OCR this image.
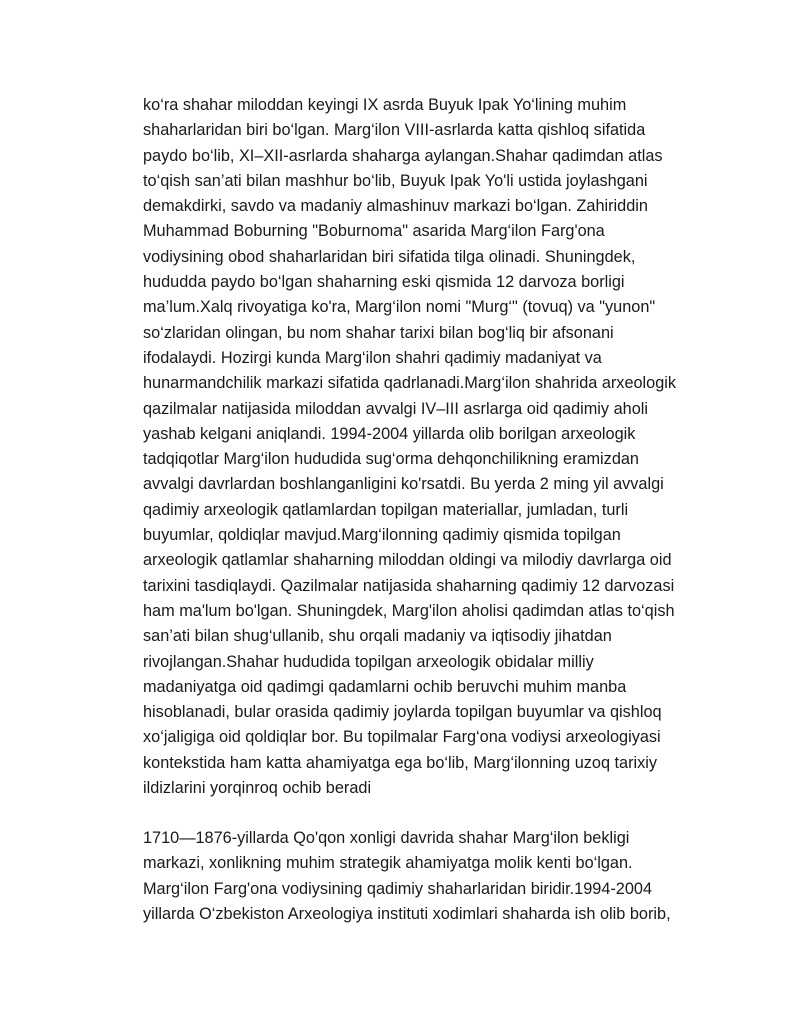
ko‘ra shahar miloddan keyingi IX asrda Buyuk Ipak Yo‘lining muhim
shaharlaridan biri bo‘lgan. Marg‘ilon VIII-asrlarda katta qishloq sifatida
paydo bo‘lib, XI–XII-asrlarda shaharga aylangan.Shahar qadimdan atlas
to‘qish san’ati bilan mashhur bo‘lib, Buyuk Ipak Yo'li ustida joylashgani
demakdirki, savdo va madaniy almashinuv markazi bo‘lgan. Zahiriddin
Muhammad Boburning "Boburnoma" asarida Marg‘ilon Farg'ona
vodiysining obod shaharlaridan biri sifatida tilga olinadi. Shuningdek,
hududda paydo bo‘lgan shaharning eski qismida 12 darvoza borligi
ma’lum.Xalq rivoyatiga ko'ra, Marg‘ilon nomi "Murg‘" (tovuq) va "yunon"
so‘zlaridan olingan, bu nom shahar tarixi bilan bog‘liq bir afsonani
ifodalaydi. Hozirgi kunda Marg‘ilon shahri qadimiy madaniyat va
hunarmandchilik markazi sifatida qadrlanadi.Marg‘ilon shahrida arxeologik
qazilmalar natijasida miloddan avvalgi IV–III asrlarga oid qadimiy aholi
yashab kelgani aniqlandi. 1994-2004 yillarda olib borilgan arxeologik
tadqiqotlar Marg‘ilon hududida sug‘orma dehqonchilikning eramizdan
avvalgi davrlardan boshlanganligini ko'rsatdi. Bu yerda 2 ming yil avvalgi
qadimiy arxeologik qatlamlardan topilgan materiallar, jumladan, turli
buyumlar, qoldiqlar mavjud.Marg‘ilonning qadimiy qismida topilgan
arxeologik qatlamlar shaharning miloddan oldingi va milodiy davrlarga oid
tarixini tasdiqlaydi. Qazilmalar natijasida shaharning qadimiy 12 darvozasi
ham ma'lum bo'lgan. Shuningdek, Marg'ilon aholisi qadimdan atlas to‘qish
san’ati bilan shug‘ullanib, shu orqali madaniy va iqtisodiy jihatdan
rivojlangan.Shahar hududida topilgan arxeologik obidalar milliy
madaniyatga oid qadimgi qadamlarni ochib beruvchi muhim manba
hisoblanadi, bular orasida qadimiy joylarda topilgan buyumlar va qishloq
xo‘jaligiga oid qoldiqlar bor. Bu topilmalar Farg‘ona vodiysi arxeologiyasi
kontekstida ham katta ahamiyatga ega bo‘lib, Marg‘ilonning uzoq tarixiy
ildizlarini yorqinroq ochib beradi
1710—1876-yillarda Qo'qon xonligi davrida shahar Marg‘ilon bekligi
markazi, xonlikning muhim strategik ahamiyatga molik kenti bo‘lgan.
Marg‘ilon Farg'ona vodiysining qadimiy shaharlaridan biridir.1994-2004
yillarda O‘zbekiston Arxeologiya instituti xodimlari shaharda ish olib borib,
